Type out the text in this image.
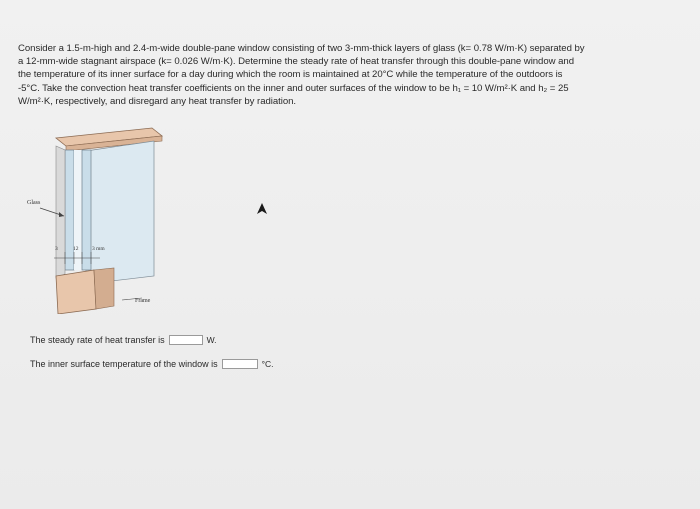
Consider a 1.5-m-high and 2.4-m-wide double-pane window consisting of two 3-mm-thick layers of glass (k= 0.78 W/m·K) separated by

a 12-mm-wide stagnant airspace (k= 0.026 W/m·K). Determine the steady rate of heat transfer through this double-pane window and

the temperature of its inner surface for a day during which the room is maintained at 20°C while the temperature of the outdoors is

-5°C. Take the convection heat transfer coefficients on the inner and outer surfaces of the window to be h₁ = 10 W/m²·K and h₂ = 25

W/m²·K, respectively, and disregard any heat transfer by radiation.

Glass
3	12 3 mm
Frame
The steady rate of heat transfer is	W.
The inner surface temperature of the window is	°C.
